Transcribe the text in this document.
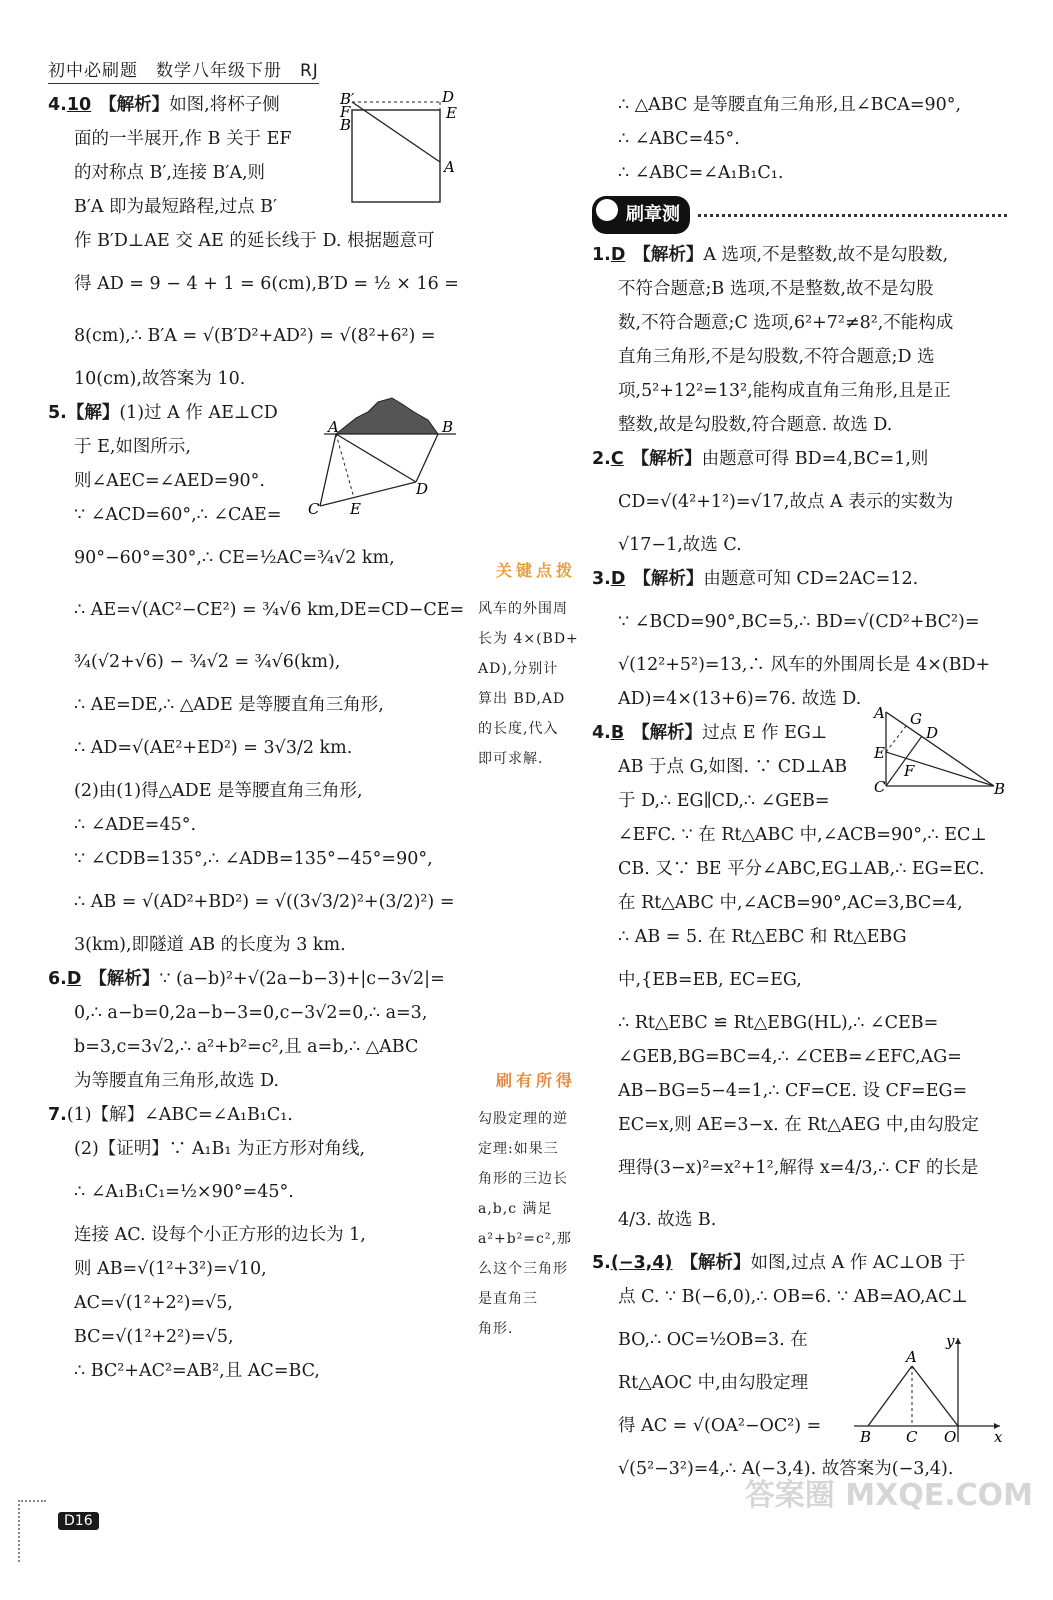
初中必刷题　数学八年级下册　RJ
4.10 【解析】如图,将杯子侧
面的一半展开,作 B 关于 EF
的对称点 B′,连接 B′A,则
B′A 即为最短路程,过点 B′
作 B′D⊥AE 交 AE 的延长线于 D. 根据题意可
得 AD = 9 − 4 + 1 = 6(cm),B′D = ½ × 16 =
8(cm),∴ B′A = √(B′D²+AD²) = √(8²+6²) =
10(cm),故答案为 10.
5.【解】(1)过 A 作 AE⊥CD
于 E,如图所示,
则∠AEC=∠AED=90°.
∵ ∠ACD=60°,∴ ∠CAE=
90°−60°=30°,∴ CE=½AC=¾√2 km,
∴ AE=√(AC²−CE²) = ¾√6 km,DE=CD−CE=
¾(√2+√6) − ¾√2 = ¾√6(km),
∴ AE=DE,∴ △ADE 是等腰直角三角形,
∴ AD=√(AE²+ED²) = 3√3/2 km.
(2)由(1)得△ADE 是等腰直角三角形,
∴ ∠ADE=45°.
∵ ∠CDB=135°,∴ ∠ADB=135°−45°=90°,
∴ AB = √(AD²+BD²) = √((3√3/2)²+(3/2)²) =
3(km),即隧道 AB 的长度为 3 km.
6.D 【解析】∵ (a−b)²+√(2a−b−3)+|c−3√2|=
0,∴ a−b=0,2a−b−3=0,c−3√2=0,∴ a=3,
b=3,c=3√2,∴ a²+b²=c²,且 a=b,∴ △ABC
为等腰直角三角形,故选 D.
7.(1)【解】∠ABC=∠A₁B₁C₁.
(2)【证明】∵ A₁B₁ 为正方形对角线,
∴ ∠A₁B₁C₁=½×90°=45°.
连接 AC. 设每个小正方形的边长为 1,
则 AB=√(1²+3²)=√10,
AC=√(1²+2²)=√5,
BC=√(1²+2²)=√5,
∴ BC²+AC²=AB²,且 AC=BC,
关键点拨
风车的外围周
长为 4×(BD+
AD),分别计
算出 BD,AD
的长度,代入
即可求解.
刷有所得
勾股定理的逆
定理:如果三
角形的三边长
a,b,c 满足
a²+b²=c²,那
么这个三角形
是直角三
角形.
∴ △ABC 是等腰直角三角形,且∠BCA=90°,
∴ ∠ABC=45°.
∴ ∠ABC=∠A₁B₁C₁.
刷章测
1.D 【解析】A 选项,不是整数,故不是勾股数,
不符合题意;B 选项,不是整数,故不是勾股
数,不符合题意;C 选项,6²+7²≠8²,不能构成
直角三角形,不是勾股数,不符合题意;D 选
项,5²+12²=13²,能构成直角三角形,且是正
整数,故是勾股数,符合题意. 故选 D.
2.C 【解析】由题意可得 BD=4,BC=1,则
CD=√(4²+1²)=√17,故点 A 表示的实数为
√17−1,故选 C.
3.D 【解析】由题意可知 CD=2AC=12.
∵ ∠BCD=90°,BC=5,∴ BD=√(CD²+BC²)=
√(12²+5²)=13,∴ 风车的外围周长是 4×(BD+
AD)=4×(13+6)=76. 故选 D.
4.B 【解析】过点 E 作 EG⊥
AB 于点 G,如图. ∵ CD⊥AB
于 D,∴ EG∥CD,∴ ∠GEB=
∠EFC. ∵ 在 Rt△ABC 中,∠ACB=90°,∴ EC⊥
CB. 又∵ BE 平分∠ABC,EG⊥AB,∴ EG=EC.
在 Rt△ABC 中,∠ACB=90°,AC=3,BC=4,
∴ AB = 5. 在 Rt△EBC 和 Rt△EBG
中,{EB=EB, EC=EG,
∴ Rt△EBC ≌ Rt△EBG(HL),∴ ∠CEB=
∠GEB,BG=BC=4,∴ ∠CEB=∠EFC,AG=
AB−BG=5−4=1,∴ CF=CE. 设 CF=EG=
EC=x,则 AE=3−x. 在 Rt△AEG 中,由勾股定
理得(3−x)²=x²+1²,解得 x=4/3,∴ CF 的长是
4/3. 故选 B.
5.(−3,4) 【解析】如图,过点 A 作 AC⊥OB 于
点 C. ∵ B(−6,0),∴ OB=6. ∵ AB=AO,AC⊥
BO,∴ OC=½OB=3. 在
Rt△AOC 中,由勾股定理
得 AC = √(OA²−OC²) =
√(5²−3²)=4,∴ A(−3,4). 故答案为(−3,4).
B′
F
B
D
E
A
A	B
C
D
E
A G
D
E
F
C	B
y
A
B C O	x
D16
答案圈 MXQE.COM
